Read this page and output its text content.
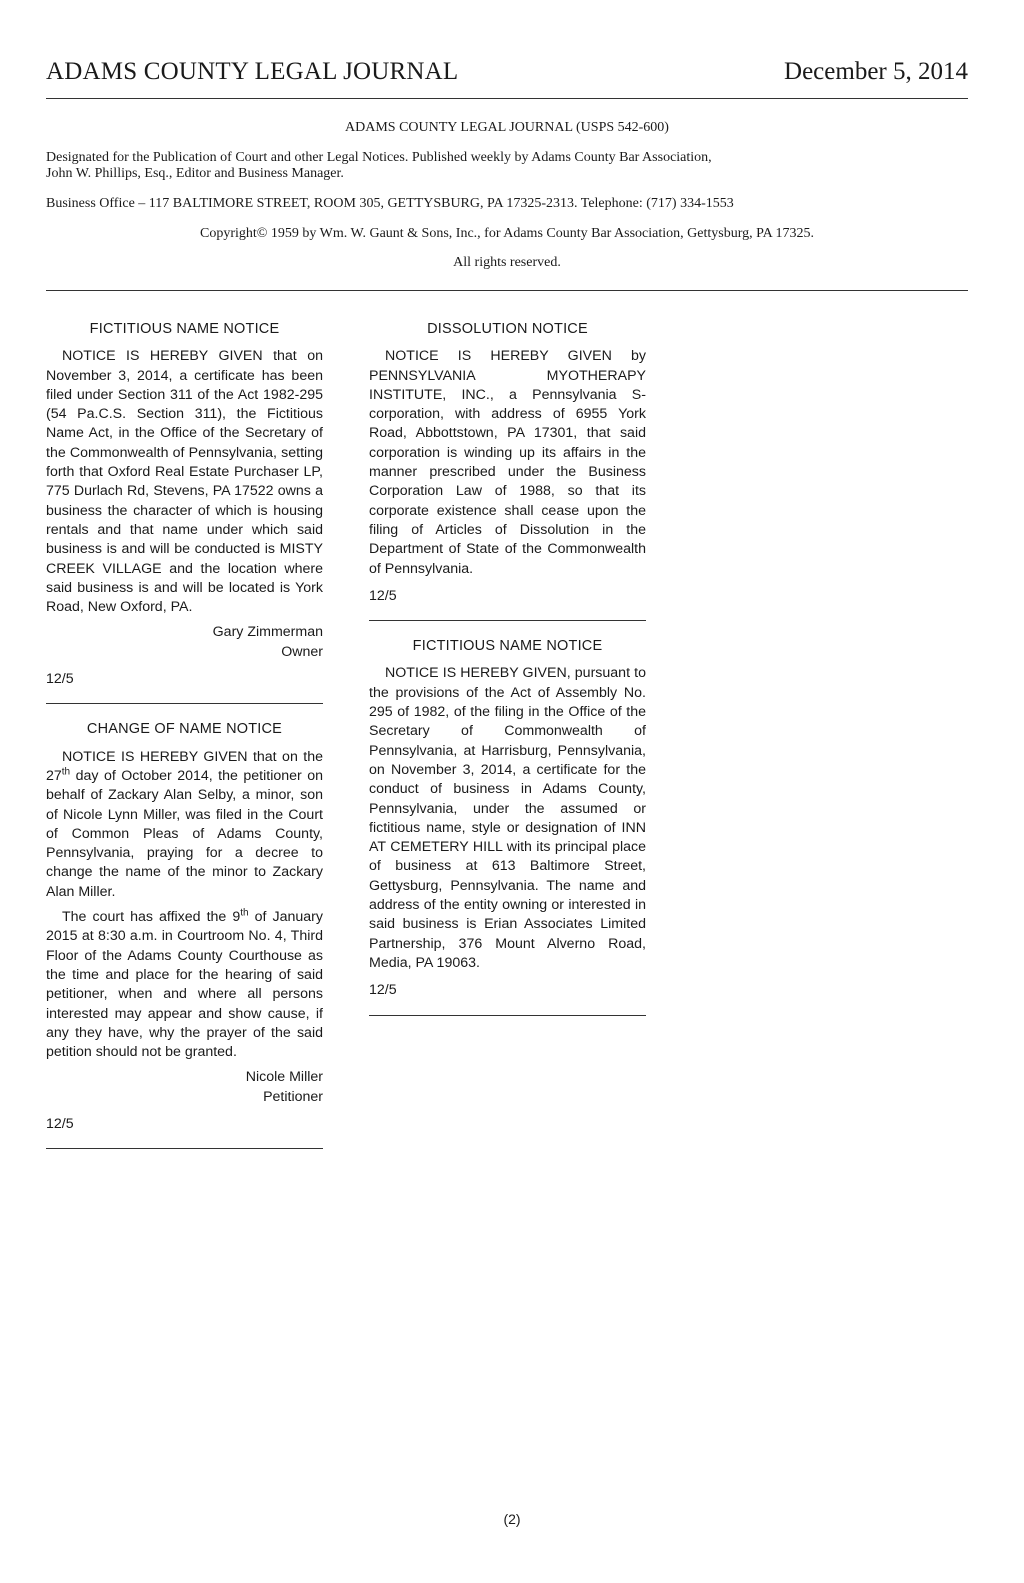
ADAMS COUNTY LEGAL JOURNAL	December 5, 2014
ADAMS COUNTY LEGAL JOURNAL (USPS 542-600)
Designated for the Publication of Court and other Legal Notices. Published weekly by Adams County Bar Association,
John W. Phillips, Esq., Editor and Business Manager.
Business Office – 117 BALTIMORE STREET, ROOM 305, GETTYSBURG, PA 17325-2313. Telephone: (717) 334-1553
Copyright© 1959 by Wm. W. Gaunt & Sons, Inc., for Adams County Bar Association, Gettysburg, PA 17325.
All rights reserved.
FICTITIOUS NAME NOTICE

NOTICE IS HEREBY GIVEN that on November 3, 2014, a certificate has been filed under Section 311 of the Act 1982-295 (54 Pa.C.S. Section 311), the Fictitious Name Act, in the Office of the Secretary of the Commonwealth of Pennsylvania, setting forth that Oxford Real Estate Purchaser LP, 775 Durlach Rd, Stevens, PA 17522 owns a business the character of which is housing rentals and that name under which said business is and will be conducted is MISTY CREEK VILLAGE and the location where said business is and will be located is York Road, New Oxford, PA.

Gary Zimmerman
Owner
12/5
CHANGE OF NAME NOTICE

NOTICE IS HEREBY GIVEN that on the 27th day of October 2014, the petitioner on behalf of Zackary Alan Selby, a minor, son of Nicole Lynn Miller, was filed in the Court of Common Pleas of Adams County, Pennsylvania, praying for a decree to change the name of the minor to Zackary Alan Miller.

The court has affixed the 9th of January 2015 at 8:30 a.m. in Courtroom No. 4, Third Floor of the Adams County Courthouse as the time and place for the hearing of said petitioner, when and where all persons interested may appear and show cause, if any they have, why the prayer of the said petition should not be granted.

Nicole Miller
Petitioner
12/5
DISSOLUTION NOTICE

NOTICE IS HEREBY GIVEN by PENNSYLVANIA MYOTHERAPY INSTITUTE, INC., a Pennsylvania S-corporation, with address of 6955 York Road, Abbottstown, PA 17301, that said corporation is winding up its affairs in the manner prescribed under the Business Corporation Law of 1988, so that its corporate existence shall cease upon the filing of Articles of Dissolution in the Department of State of the Commonwealth of Pennsylvania.

12/5
FICTITIOUS NAME NOTICE

NOTICE IS HEREBY GIVEN, pursuant to the provisions of the Act of Assembly No. 295 of 1982, of the filing in the Office of the Secretary of Commonwealth of Pennsylvania, at Harrisburg, Pennsylvania, on November 3, 2014, a certificate for the conduct of business in Adams County, Pennsylvania, under the assumed or fictitious name, style or designation of INN AT CEMETERY HILL with its principal place of business at 613 Baltimore Street, Gettysburg, Pennsylvania. The name and address of the entity owning or interested in said business is Erian Associates Limited Partnership, 376 Mount Alverno Road, Media, PA 19063.

12/5
(2)
